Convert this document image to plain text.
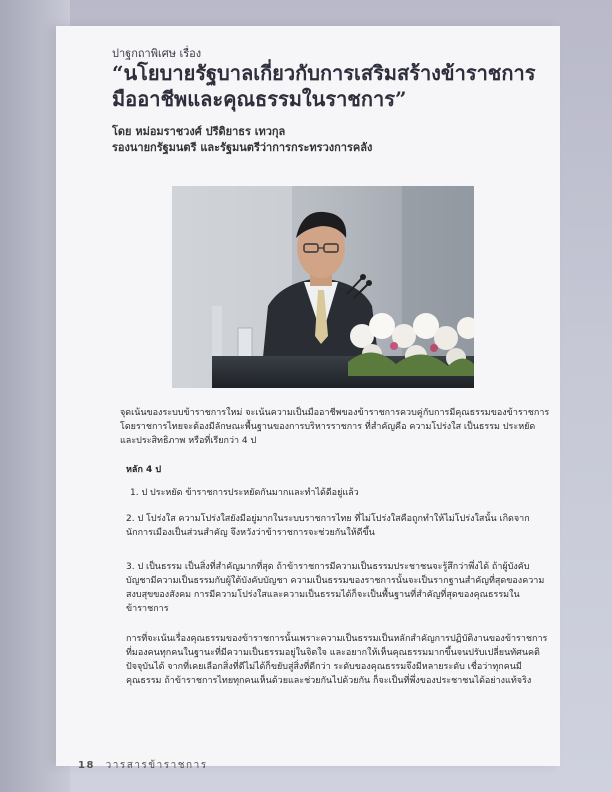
ปาฐกถาพิเศษ เรื่อง
“นโยบายรัฐบาลเกี่ยวกับการเสริมสร้างข้าราชการมืออาชีพและคุณธรรมในราชการ”
โดย หม่อมราชวงศ์ ปรีดิยาธร เทวกุล
รองนายกรัฐมนตรี และรัฐมนตรีว่าการกระทรวงการคลัง

จุดเน้นของระบบข้าราชการใหม่ จะเน้นความเป็นมืออาชีพของข้าราชการควบคู่กับการมีคุณธรรมของข้าราชการ โดยราชการไทยจะต้องมีลักษณะพื้นฐานของการบริหารราชการ ที่สำคัญคือ ความโปร่งใส เป็นธรรม ประหยัด และประสิทธิภาพ หรือที่เรียกว่า 4 ป

หลัก 4 ป

1. ป ประหยัด ข้าราชการประหยัดกันมากและทำได้ดีอยู่แล้ว

2. ป โปร่งใส ความโปร่งใสยังมีอยู่มากในระบบราชการไทย ที่ไม่โปร่งใสคือถูกทำให้ไม่โปร่งใสนั้น เกิดจากนักการเมืองเป็นส่วนสำคัญ จึงหวังว่าข้าราชการจะช่วยกันให้ดีขึ้น

3. ป เป็นธรรม เป็นสิ่งที่สำคัญมากที่สุด ถ้าข้าราชการมีความเป็นธรรมประชาชนจะรู้สึกว่าพึ่งได้ ถ้าผู้บังคับบัญชามีความเป็นธรรมกับผู้ใต้บังคับบัญชา ความเป็นธรรมของราชการนั้นจะเป็นรากฐานสำคัญที่สุดของความสงบสุขของสังคม การมีความโปร่งใสและความเป็นธรรมได้ก็จะเป็นพื้นฐานที่สำคัญที่สุดของคุณธรรมในข้าราชการ

การที่จะเน้นเรื่องคุณธรรมของข้าราชการนั้นเพราะความเป็นธรรมเป็นหลักสำคัญการปฏิบัติงานของข้าราชการที่มองคนทุกคนในฐานะที่มีความเป็นธรรมอยู่ในจิตใจ และอยากให้เห็นคุณธรรมมากขึ้นจนปรับเปลี่ยนทัศนคติปัจจุบันได้ จากที่เคยเลือกสิ่งที่ดีไม่ได้ก็ขยับสู่สิ่งที่ดีกว่า ระดับของคุณธรรมจึงมีหลายระดับ เชื่อว่าทุกคนมีคุณธรรม ถ้าข้าราชการไทยทุกคนเห็นด้วยและช่วยกันไปด้วยกัน ก็จะเป็นที่พึ่งของประชาชนได้อย่างแท้จริง

18 วารสารข้าราชการ
